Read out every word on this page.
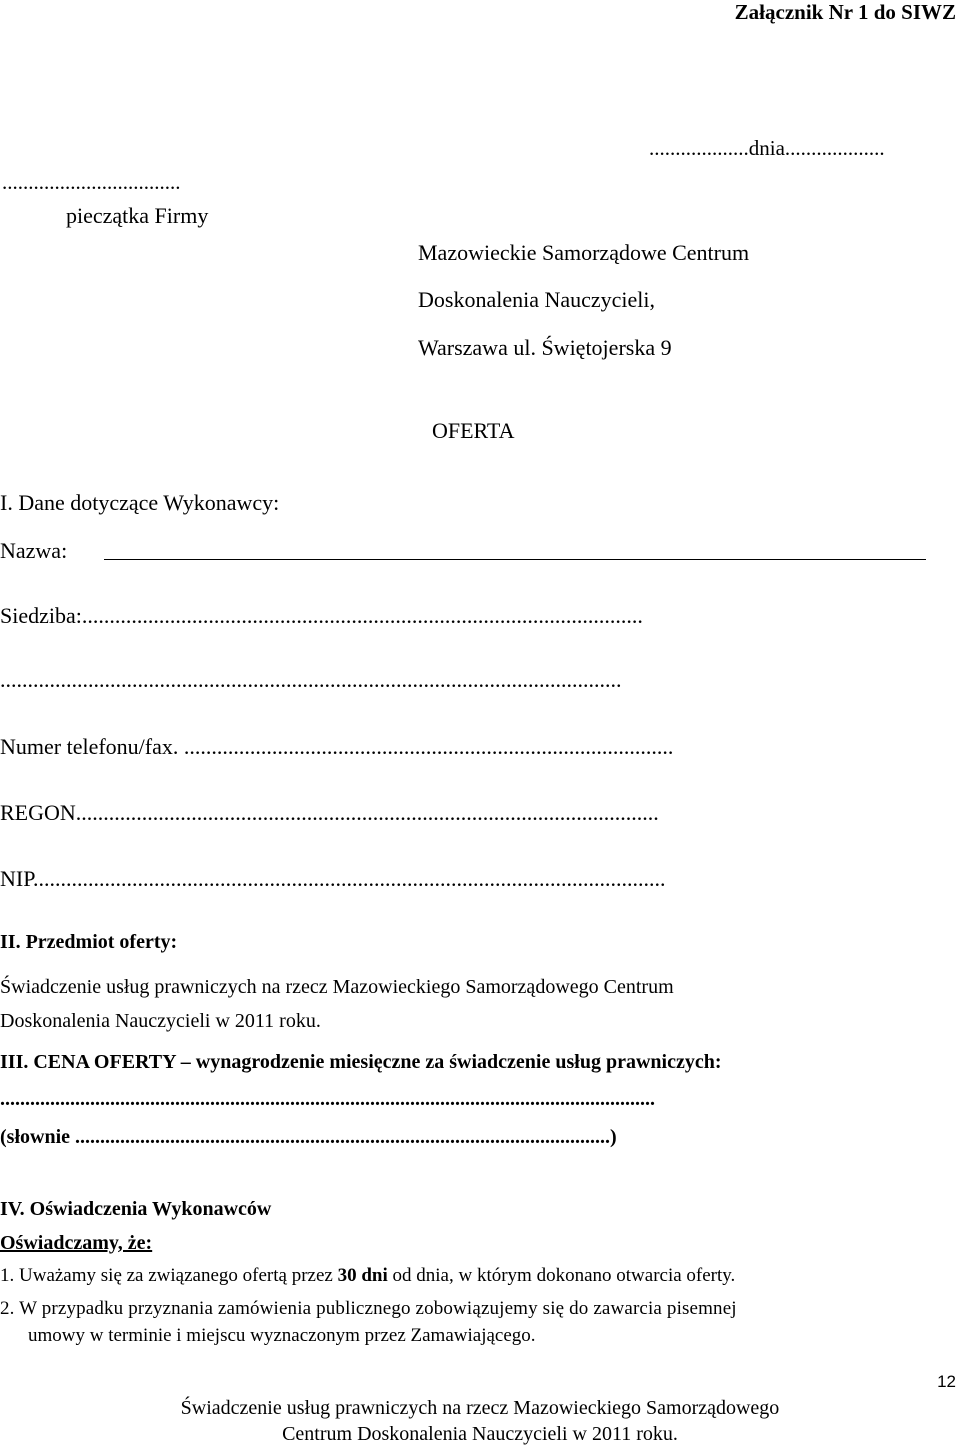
Załącznik Nr 1 do SIWZ
...................dnia...................
..................................
pieczątka Firmy
Mazowieckie Samorządowe Centrum
Doskonalenia Nauczycieli,
Warszawa ul. Świętojerska 9
OFERTA
I. Dane dotyczące Wykonawcy:
Nazwa:
Siedziba:......................................................................................................
.................................................................................................................
Numer telefonu/fax. .........................................................................................
REGON..........................................................................................................
NIP...................................................................................................................
II. Przedmiot oferty:
Świadczenie usług prawniczych na rzecz Mazowieckiego Samorządowego Centrum
Doskonalenia Nauczycieli w 2011 roku.
III. CENA OFERTY – wynagrodzenie miesięczne za świadczenie usług prawniczych:
...................................................................................................................................
(słownie ...........................................................................................................)
IV. Oświadczenia Wykonawców
Oświadczamy, że:
1. Uważamy się za związanego ofertą przez 30 dni od dnia, w którym dokonano otwarcia oferty.
2. W przypadku przyznania zamówienia publicznego zobowiązujemy się do zawarcia pisemnej
umowy w terminie i miejscu wyznaczonym przez Zamawiającego.
12
Świadczenie usług prawniczych na rzecz Mazowieckiego Samorządowego
Centrum Doskonalenia Nauczycieli w 2011 roku.
